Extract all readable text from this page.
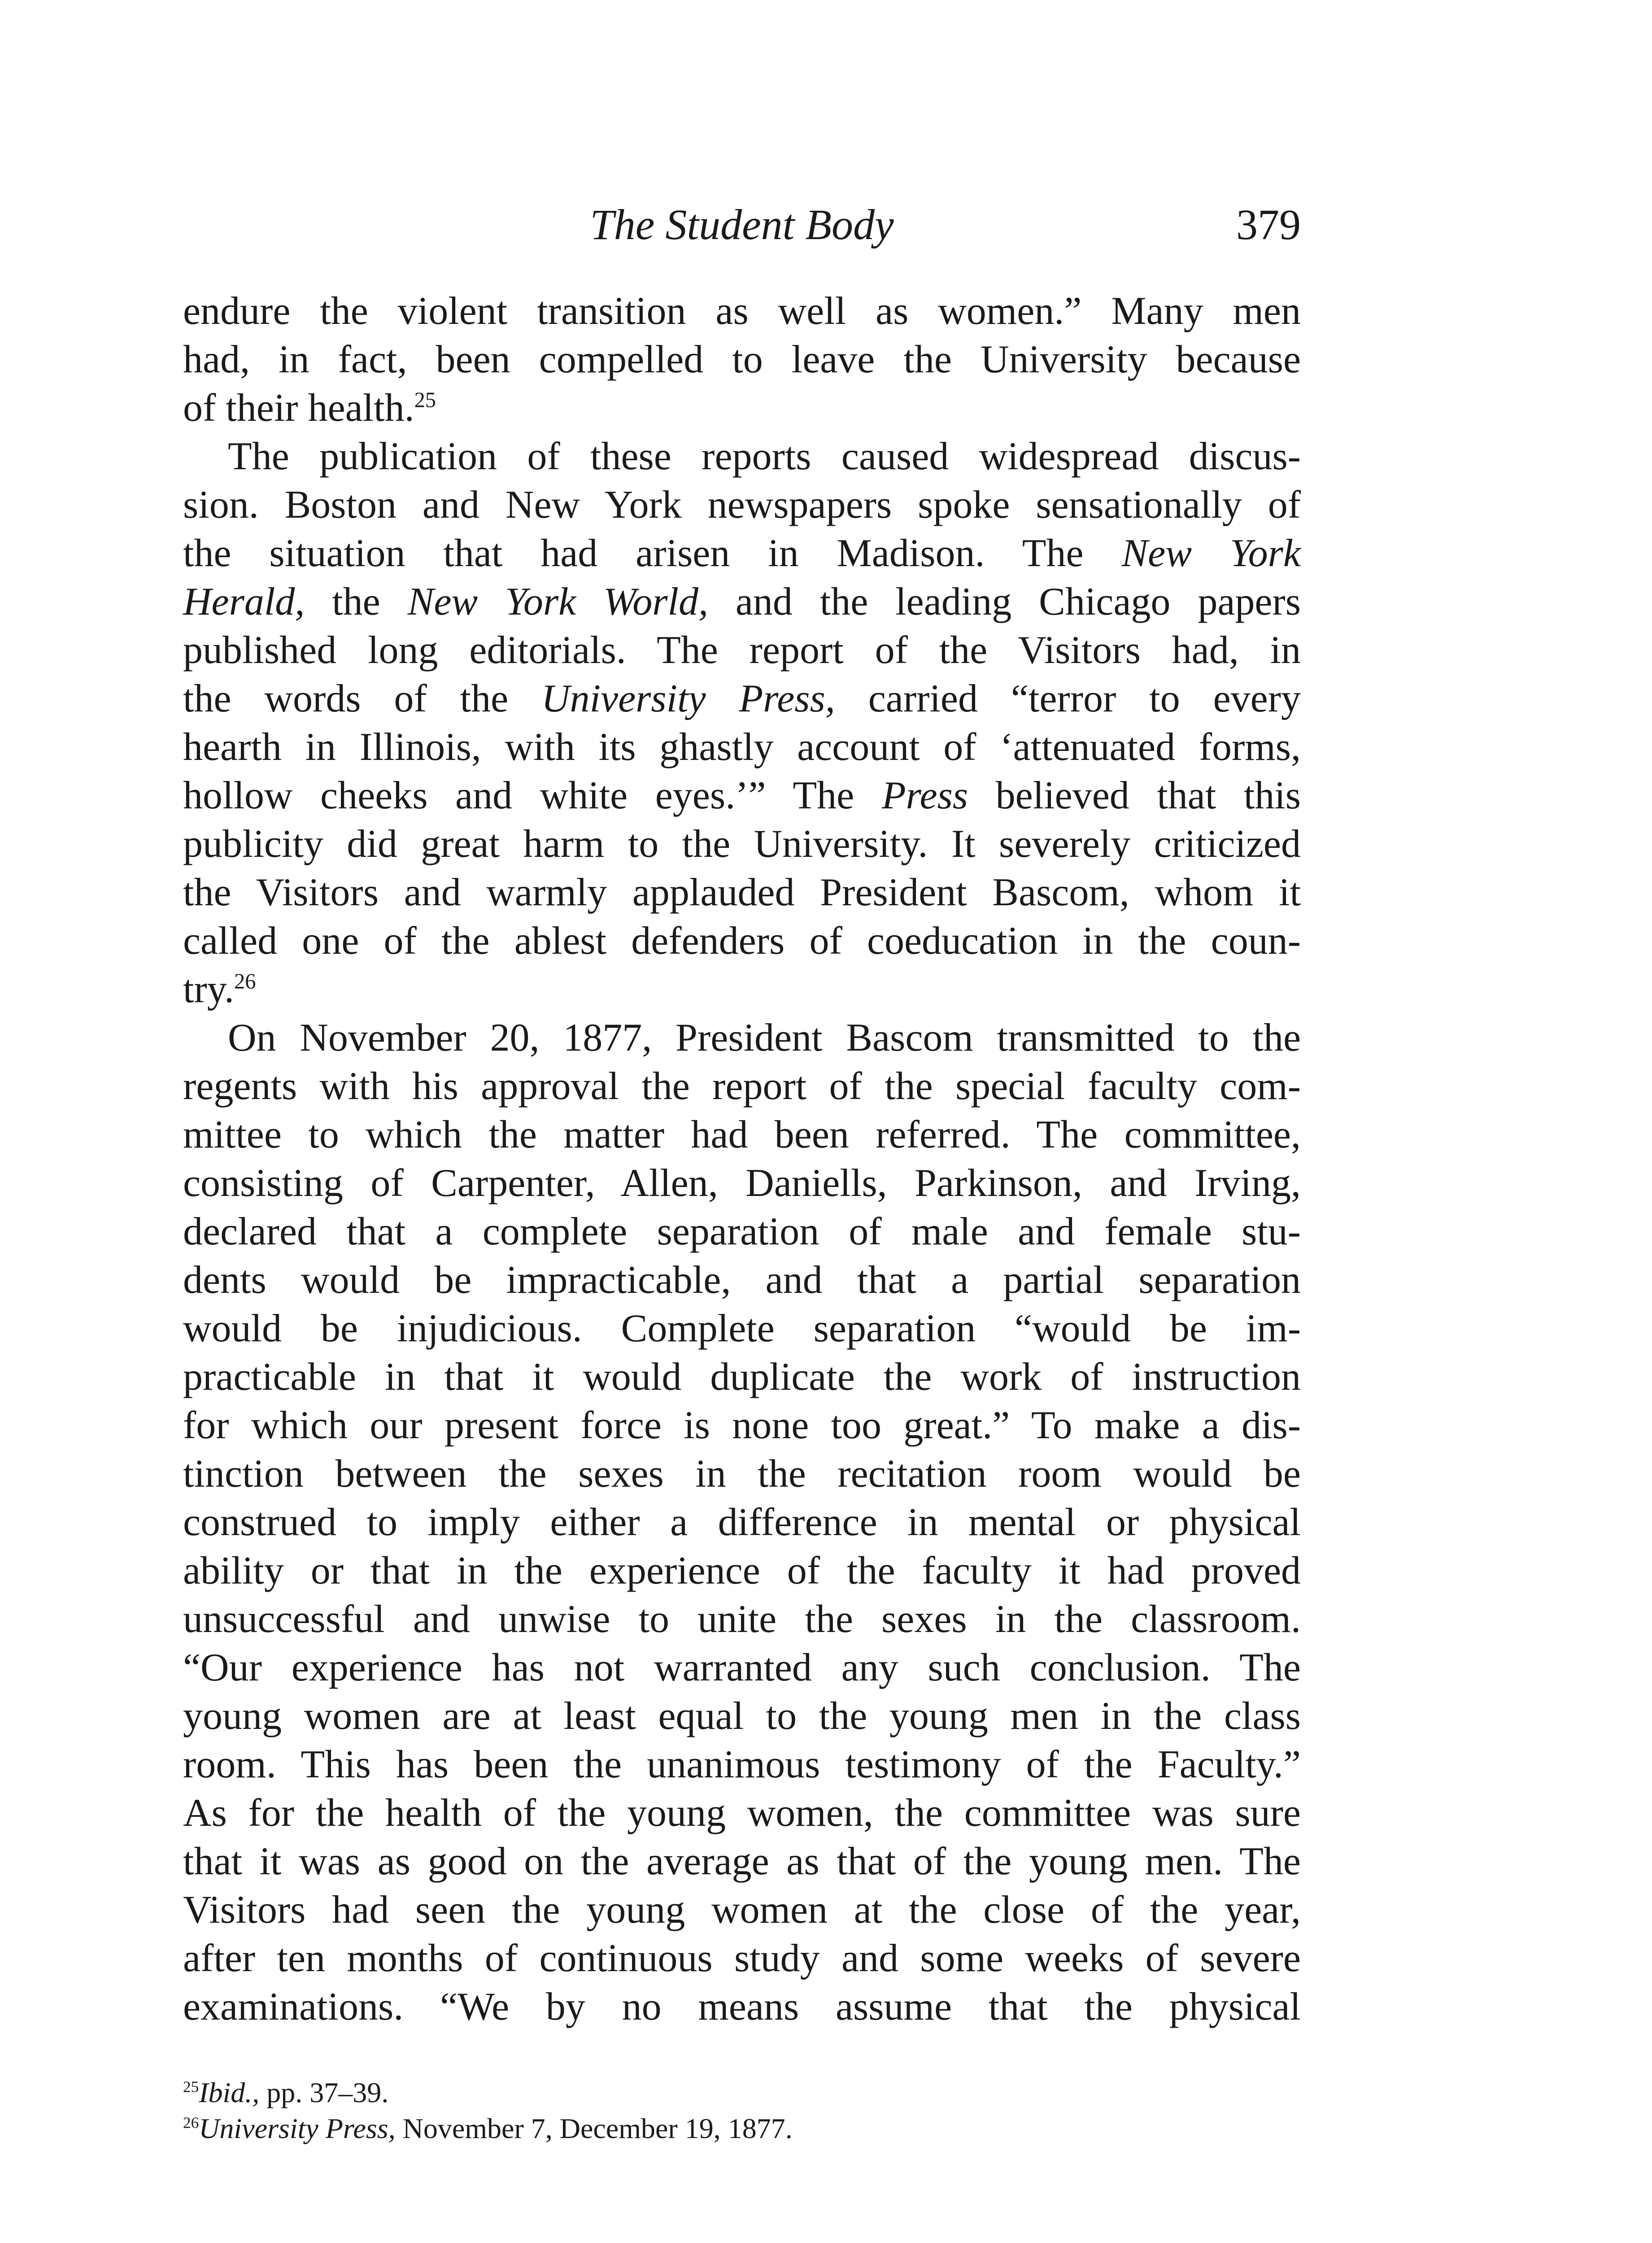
The Student Body	379
endure the violent transition as well as women.” Many men
had, in fact, been compelled to leave the University because
of their health.$^{25}$
The publication of these reports caused widespread discus-
sion. Boston and New York newspapers spoke sensationally of
the situation that had arisen in Madison. The New York
Herald, the New York World, and the leading Chicago papers
published long editorials. The report of the Visitors had, in
the words of the University Press, carried “terror to every
hearth in Illinois, with its ghastly account of ‘attenuated forms,
hollow cheeks and white eyes.’” The Press believed that this
publicity did great harm to the University. It severely criticized
the Visitors and warmly applauded President Bascom, whom it
called one of the ablest defenders of coeducation in the coun-
try.$^{26}$
On November 20, 1877, President Bascom transmitted to the
regents with his approval the report of the special faculty com-
mittee to which the matter had been referred. The committee,
consisting of Carpenter, Allen, Daniells, Parkinson, and Irving,
declared that a complete separation of male and female stu-
dents would be impracticable, and that a partial separation
would be injudicious. Complete separation “would be im-
practicable in that it would duplicate the work of instruction
for which our present force is none too great.” To make a dis-
tinction between the sexes in the recitation room would be
construed to imply either a difference in mental or physical
ability or that in the experience of the faculty it had proved
unsuccessful and unwise to unite the sexes in the classroom.
“Our experience has not warranted any such conclusion. The
young women are at least equal to the young men in the class
room. This has been the unanimous testimony of the Faculty.”
As for the health of the young women, the committee was sure
that it was as good on the average as that of the young men. The
Visitors had seen the young women at the close of the year,
after ten months of continuous study and some weeks of severe
examinations. “We by no means assume that the physical
$^{25}$Ibid., pp. 37–39.
$^{26}$University Press, November 7, December 19, 1877.
